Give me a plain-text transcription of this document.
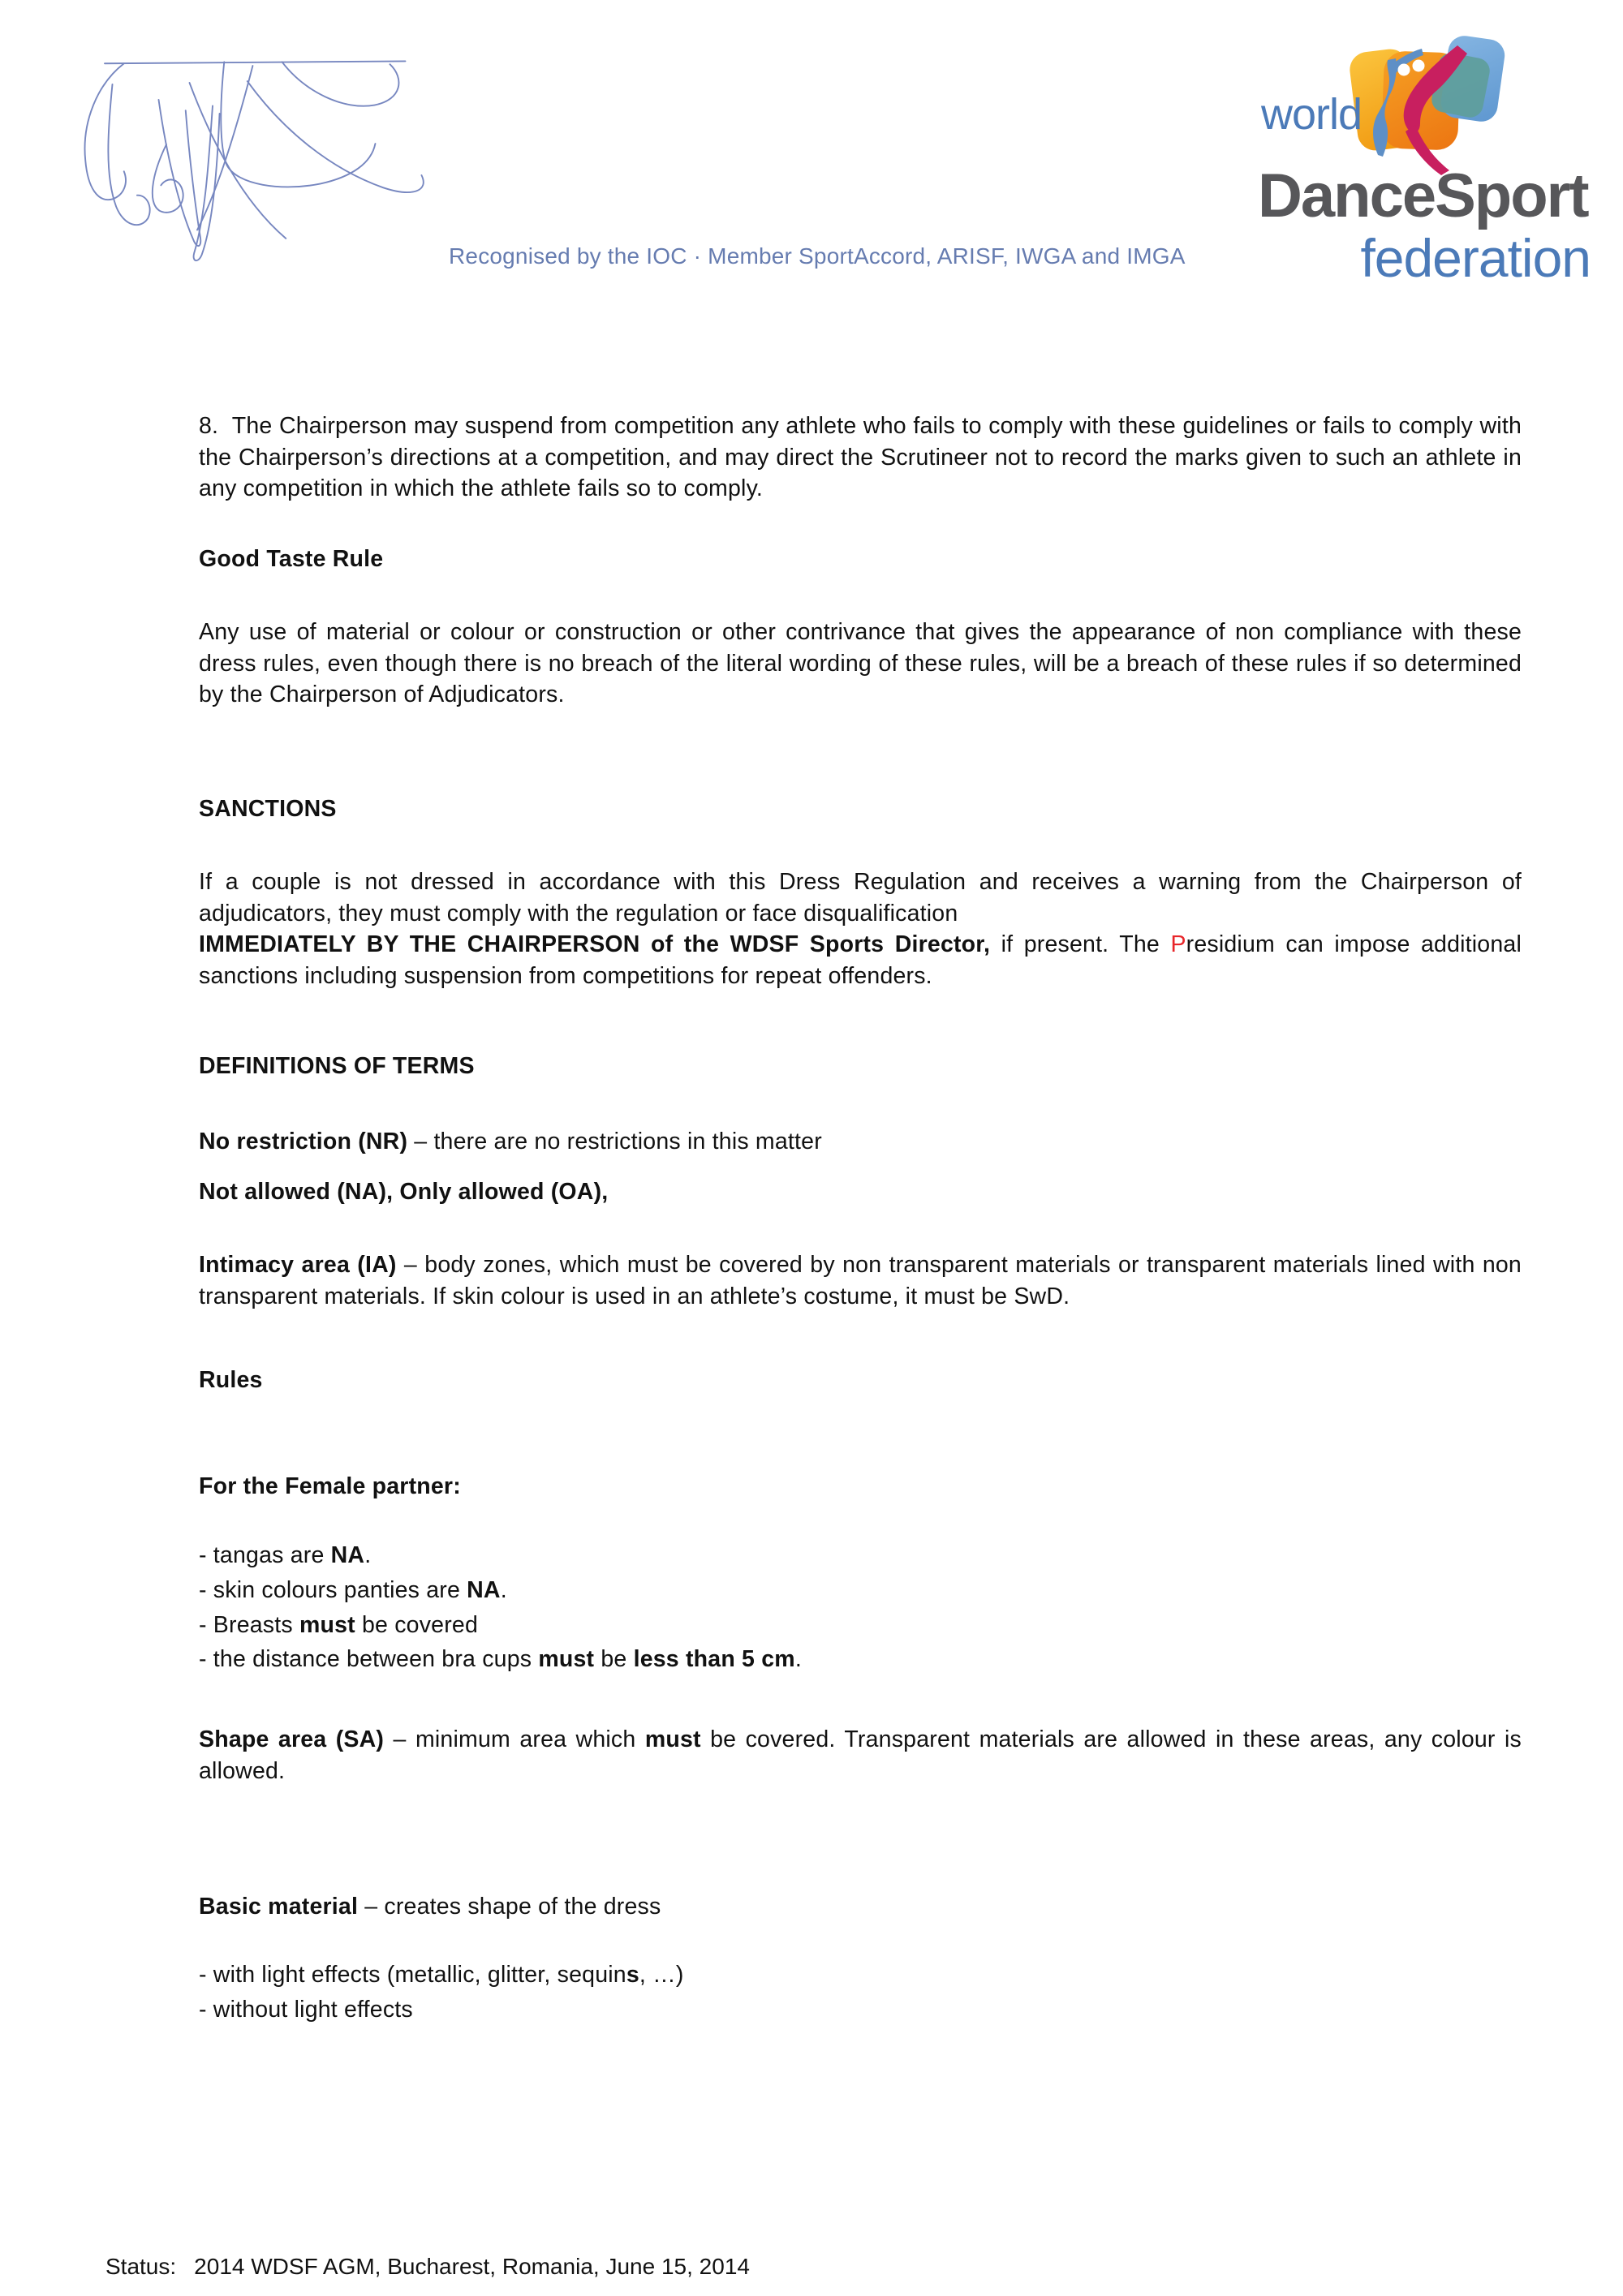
Recognised by the IOC · Member SportAccord, ARISF, IWGA and IMGA
world
DanceSport
federation
8.  The Chairperson may suspend from competition any athlete who fails to comply with these guidelines or fails to comply with the Chairperson’s directions at a competition, and may direct the Scrutineer not to record the marks given to such an athlete in any competition in which the athlete fails so to comply.
Good Taste Rule
Any use of material or colour or construction or other contrivance that gives the appearance of non compliance with these dress rules, even though there is no breach of the literal wording of these rules, will be a breach of these rules if so determined by the Chairperson of Adjudicators.
SANCTIONS
If a couple is not dressed in accordance with this Dress Regulation and receives a warning from the Chairperson of adjudicators, they must comply with the regulation or face disqualification
IMMEDIATELY BY THE CHAIRPERSON of the WDSF Sports Director, if present. The Presidium can impose additional sanctions including suspension from competitions for repeat offenders.
DEFINITIONS OF TERMS
No restriction (NR) – there are no restrictions in this matter
Not allowed (NA), Only allowed (OA),
Intimacy area (IA) – body zones, which must be covered by non transparent materials or transparent materials lined with non transparent materials. If skin colour is used in an athlete’s costume, it must be SwD.
Rules
For the Female partner:
- tangas are NA.
- skin colours panties are NA.
- Breasts must be covered
- the distance between bra cups must be less than 5 cm.
Shape area (SA) – minimum area which must be covered. Transparent materials are allowed in these areas, any colour is allowed.
Basic material – creates shape of the dress
- with light effects (metallic, glitter, sequins, …)
- without light effects
Status: 2014 WDSF AGM, Bucharest, Romania, June 15, 2014
